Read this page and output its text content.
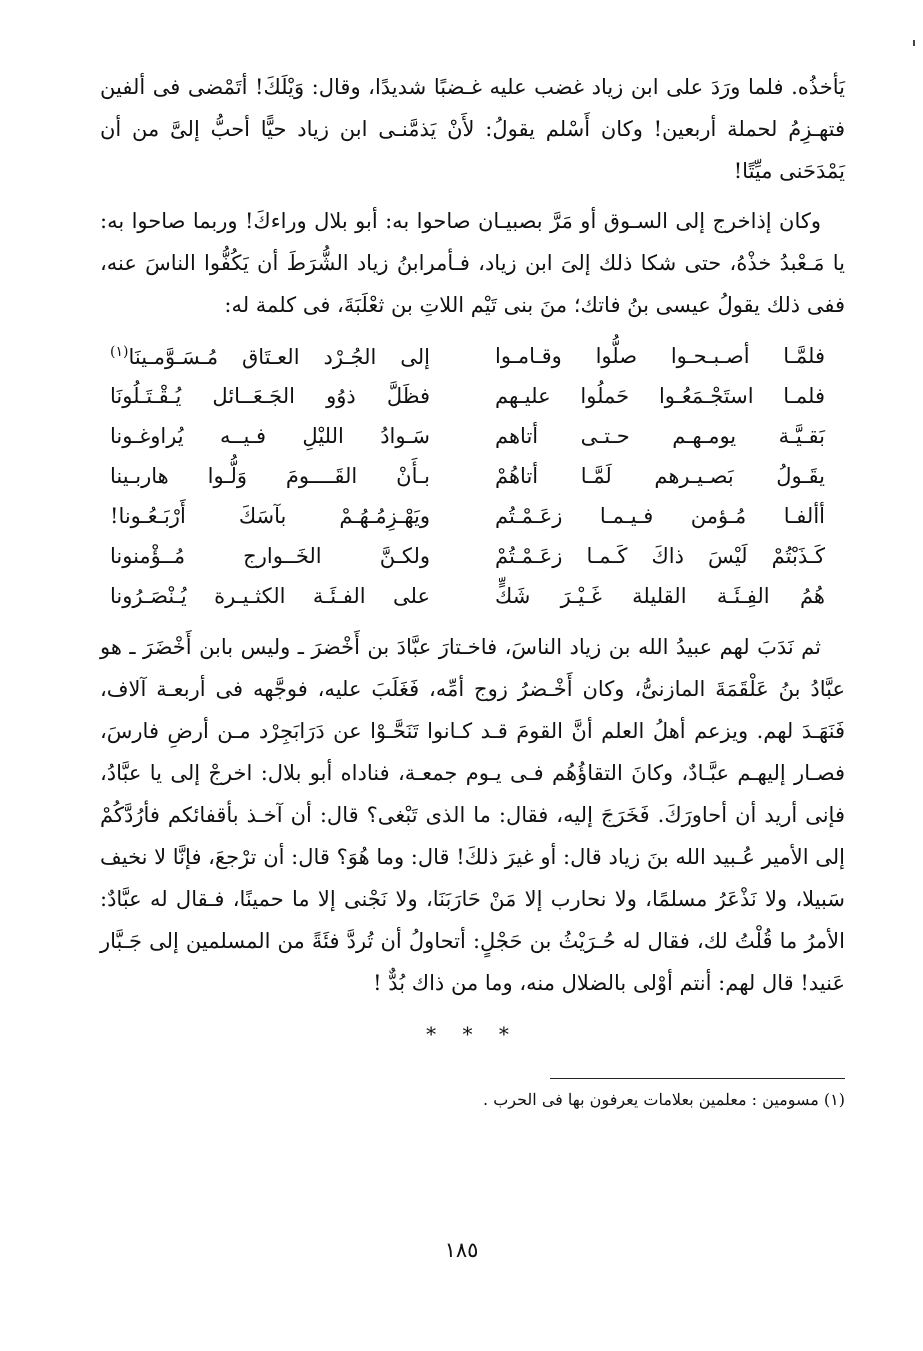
يَأخذُه. فلما ورَدَ على ابن زياد غضب عليه غـضبًا شديدًا، وقال: وَيْلَكَ! أتَمْضى فى ألفين فتهـزِمُ لحملة أربعين! وكان أَسْلم يقولُ: لأَنْ يَذمَّنـى ابن زياد حيًّا أحبُّ إلىَّ من أن يَمْدَحَنى ميِّتًا!

وكان إذاخرج إلى السـوق أو مَرَّ بصبيـان صاحوا به: أبو بلال وراءكَ! وربما صاحوا به: يا مَـعْبدُ خذْهُ، حتى شكا ذلك إلىَ ابن زياد، فـأمرابنُ زياد الشُّرَطَ أن يَكُفُّوا الناسَ عنه، ففى ذلك يقولُ عيسى بنُ فاتك؛ منَ بنى تَيْم اللاتِ بن ثعْلَبَةَ، فى كلمة له:

فلمَّـا أصـبـحـوا صلُّوا وقـامـوا
إلى الجُـرْد العـتَاق مُـسَـوَّمـينَا$^{(١)}$
فلمـا استَجْـمَعُـوا حَملُوا عليـهم
فظَلَّ ذوُو الجَـعَــائل يُـقْـتَـلُونَا
بَقـيَّـة يومـهـم حـتـى أتاهم
سَـوادُ الليْلِ فـيــه يُراوغـونا
يقَـولُ بَصـيـرهم لَمَّـا أتاهُمْ
بـأَنْ القَــــومَ وَلُّـوا هاربـينا
أألفـا مُـؤمن فـيـمـا زعَـمْـتُم
ويَهْـزِمُـهُـمْ بآسَكَ أَرْبَـعُـونا!
كَـذَبْتُمْ لَيْسَ ذاكَ كَـمـا زعَـمْـتُمْ
ولكـنَّ الخَــوارج مُــؤْمنونا
هُمُ الفِـئَـة القليلة غَـيْـرَ شَكٍّ
على الفـئَـة الكثـيـرة يُـنْصَـرُونا

ثم نَدَبَ لهم عبيدُ الله بن زياد الناسَ، فاخـتارَ عبَّادَ بن أَخْضرَ ـ وليس بابن أَخْضَرَ ـ هو عبَّادُ بنُ عَلْقَمَةَ المازنىُّ، وكان أَخْـضرُ زوج أمِّه، فَغَلَبَ عليه، فوجَّهه فى أربعـة آلاف، فَنَهَـدَ لهم. ويزعم أهلُ العلم أنَّ القومَ قـد كـانوا تَنَحَّـوْا عن دَرَابَجِرْد مـن أرضِ فارسَ، فصـار إليهـم عبَّـادٌ، وكانَ التقاؤُهُم فـى يـوم جمعـة، فناداه أبو بلال: اخرجْ إلى يا عبَّادُ، فإنى أريد أن أحاورَكَ. فَخَرَجَ إليه، فقال: ما الذى تَبْغى؟ قال: أن آخـذ بأقفائكم فأرُدَّكُمْ إلى الأمير عُـبيد الله بنَ زياد قال: أو غيرَ ذلكَ! قال: وما هُوَ؟ قال: أن ترْجعَ، فإنَّا لا نخيف سَبيلا، ولا نَذْعَرُ مسلمًا، ولا نحارب إلا مَنْ حَارَبَنَا، ولا نَجْنى إلا ما حمينًا، فـقال له عبَّادٌ: الأمرُ ما قُلْتُ لك، فقال له حُـرَيْثُ بن حَجْلٍ: أتحاولُ أن تُردَّ فئَةً من المسلمين إلى جَـبَّار عَنيد! قال لهم: أنتم أوْلى بالضلال منه، وما من ذاك بُدٌّ !

* * *
(١) مسومين : معلمين بعلامات يعرفون بها فى الحرب .
١٨٥
